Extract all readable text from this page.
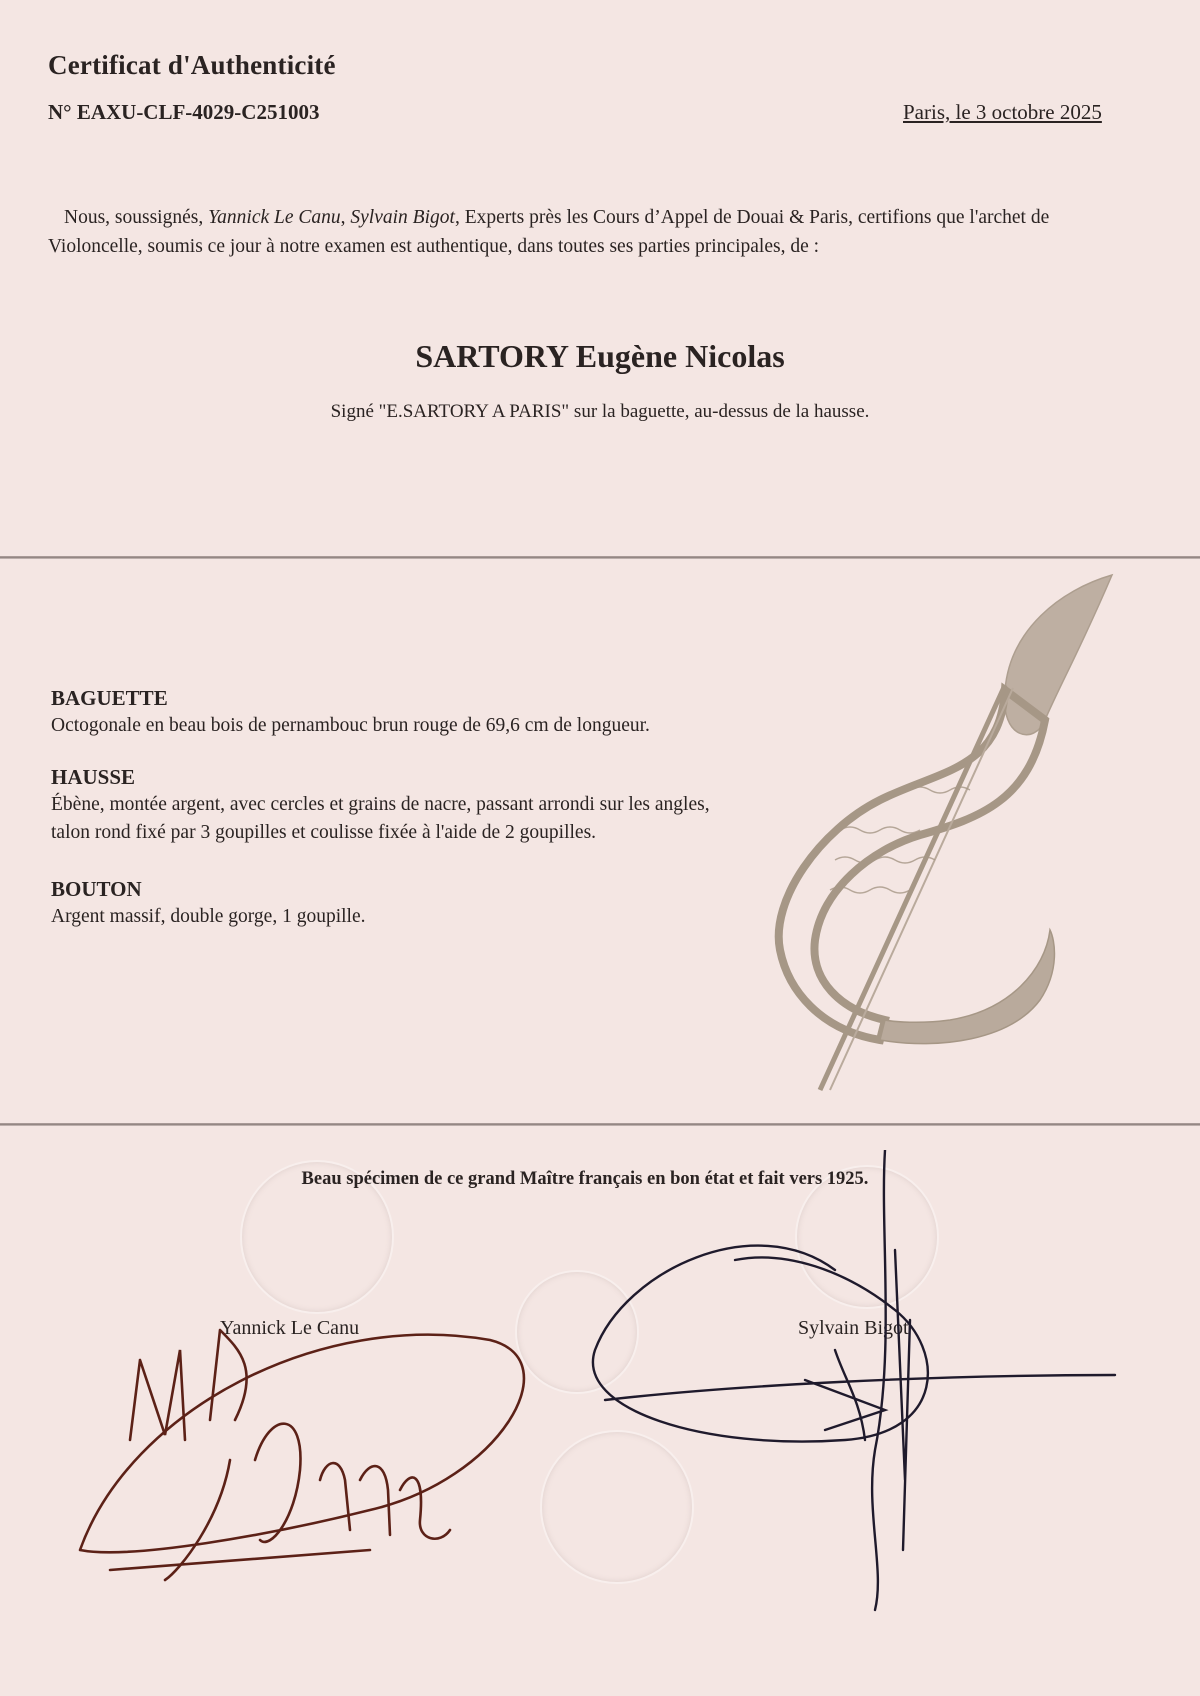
Certificat d'Authenticité
N° EAXU-CLF-4029-C251003	Paris, le 3 octobre 2025
Nous, soussignés, Yannick Le Canu, Sylvain Bigot, Experts près les Cours d’Appel de Douai & Paris, certifions que l'archet de Violoncelle, soumis ce jour à notre examen est authentique, dans toutes ses parties principales, de :
SARTORY Eugène Nicolas
Signé "E.SARTORY A PARIS" sur la baguette, au-dessus de la hausse.
BAGUETTE
Octogonale en beau bois de pernambouc brun rouge de 69,6 cm de longueur.
HAUSSE
Ébène, montée argent, avec cercles et grains de nacre, passant arrondi sur les angles, talon rond fixé par 3 goupilles et coulisse fixée à l'aide de 2 goupilles.
BOUTON
Argent massif, double gorge, 1 goupille.
Beau spécimen de ce grand Maître français en bon état et fait vers 1925.
Yannick Le Canu	Sylvain Bigot
